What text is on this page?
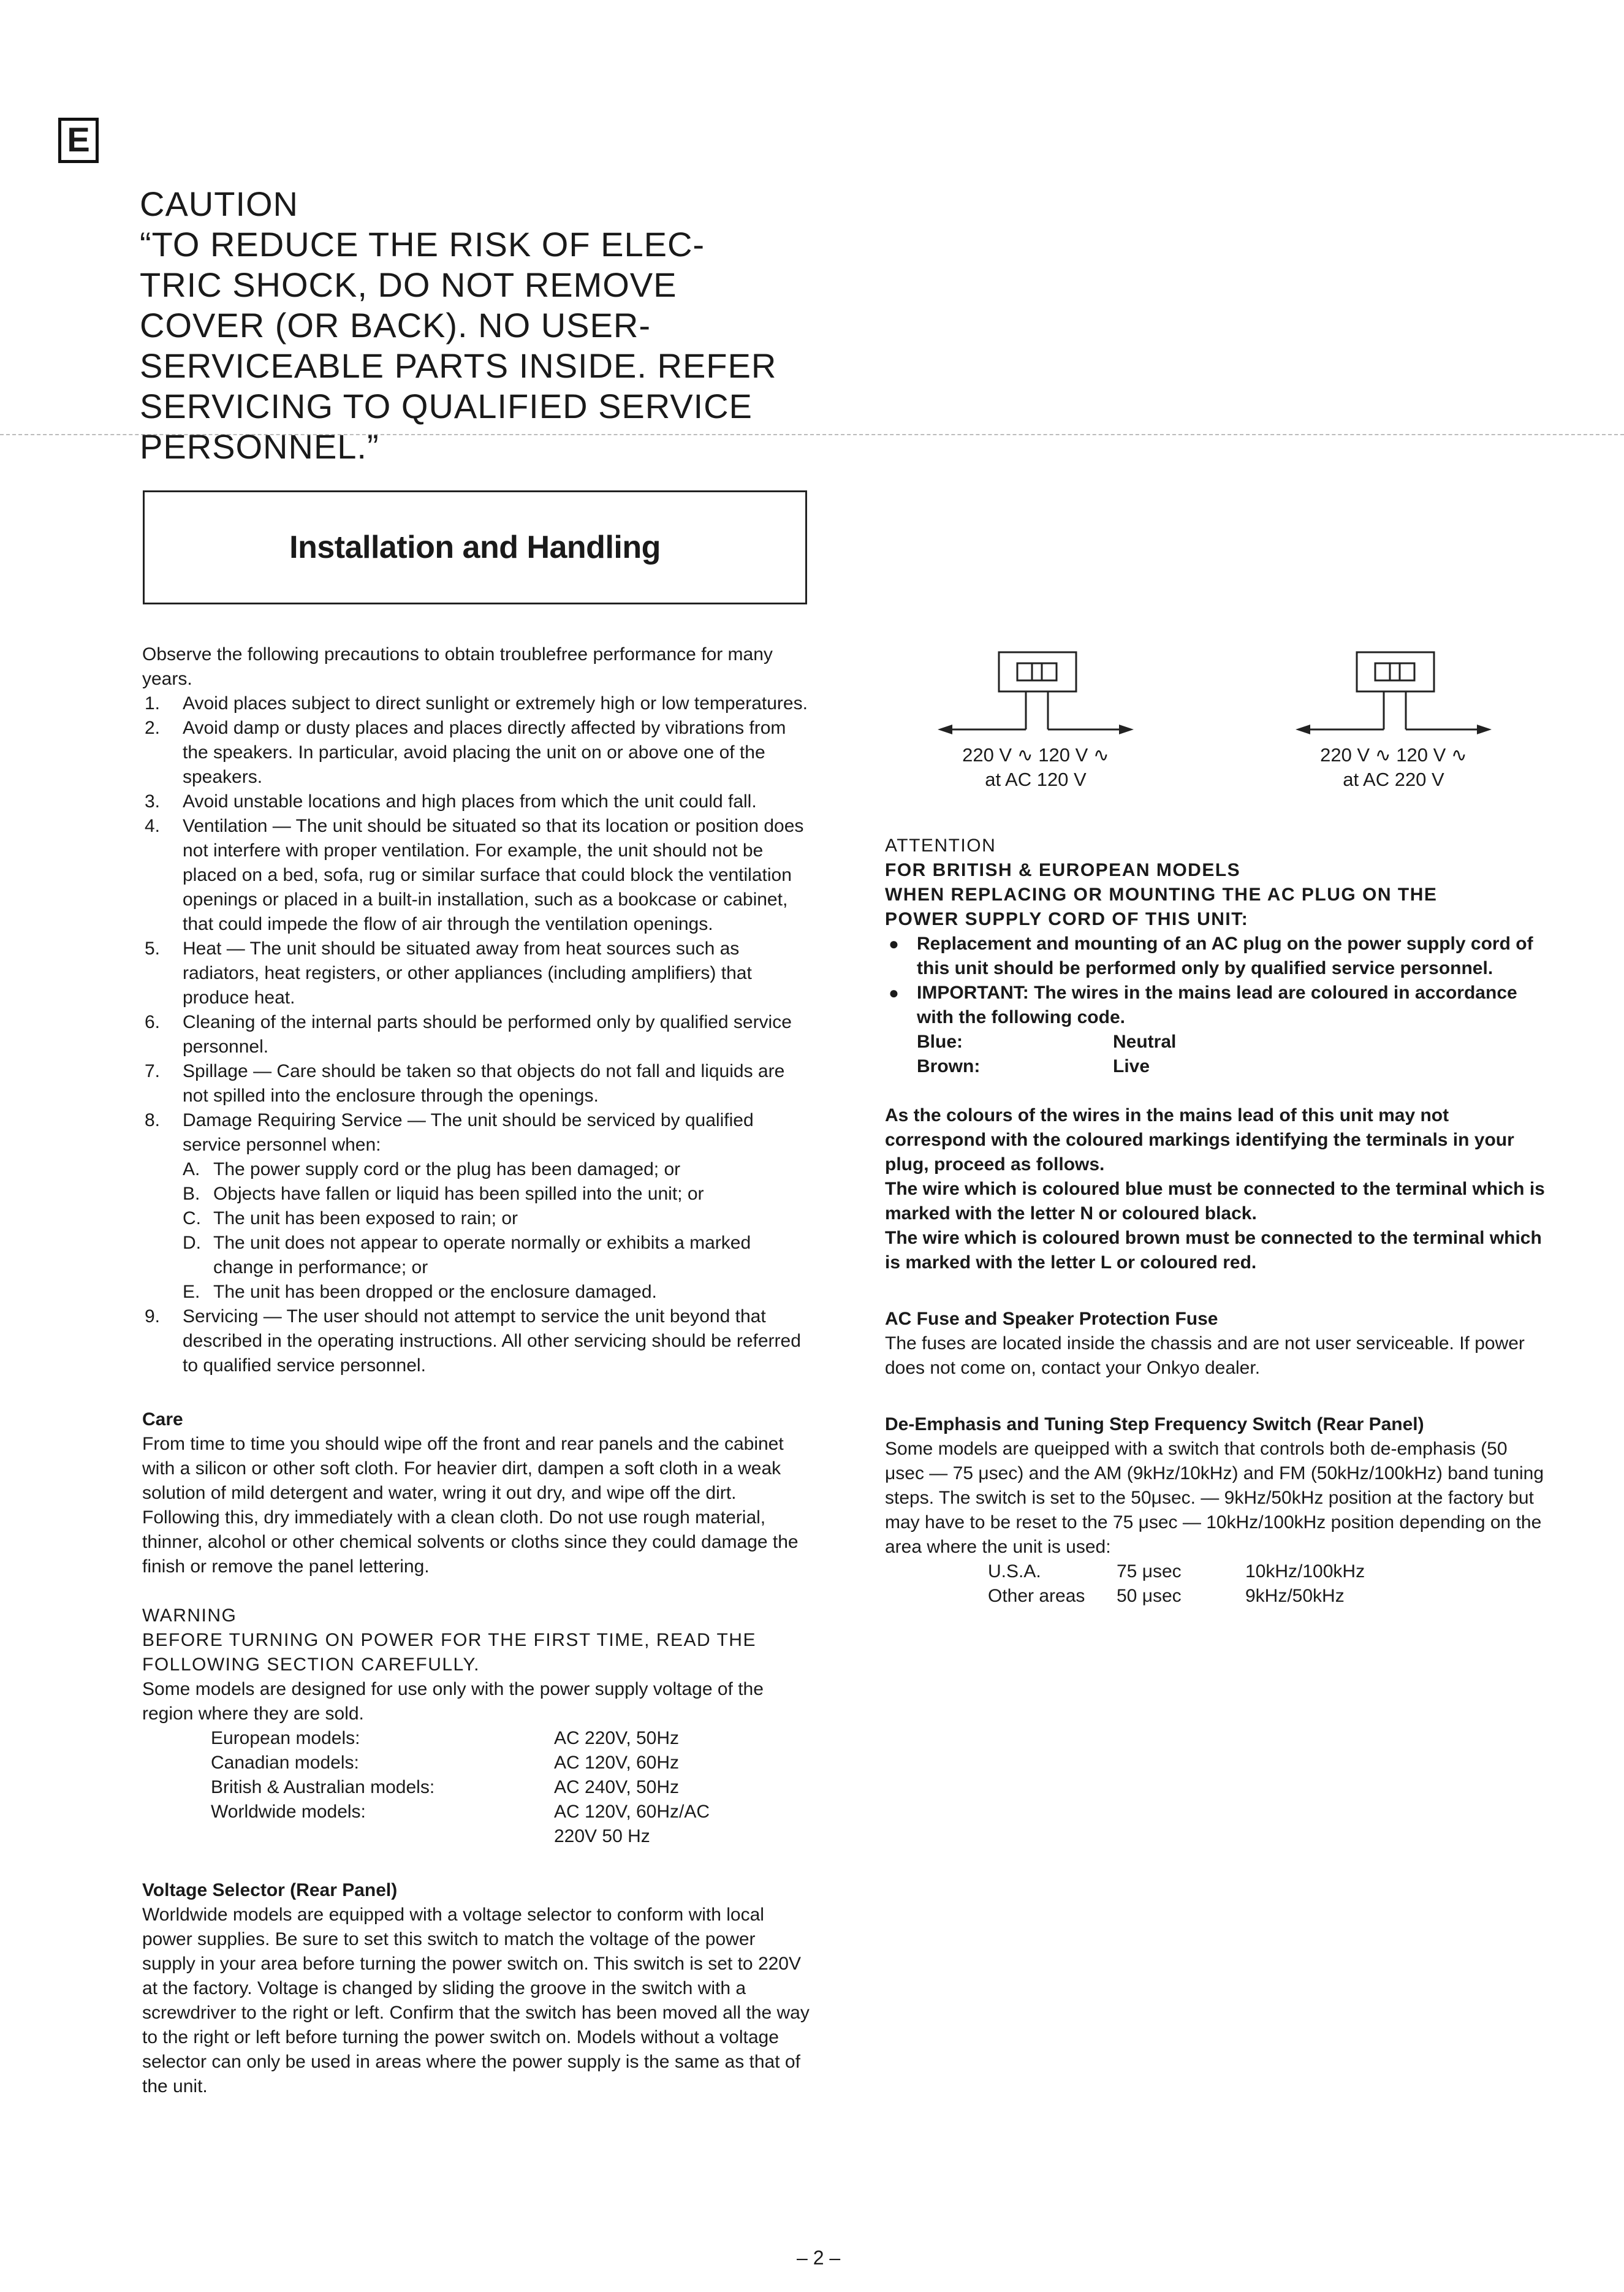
E
CAUTION
“TO REDUCE THE RISK OF ELEC-
TRIC SHOCK, DO NOT REMOVE
COVER (OR BACK). NO USER-
SERVICEABLE PARTS INSIDE. REFER
SERVICING TO QUALIFIED SERVICE
PERSONNEL.”
Installation and Handling

Observe the following precautions to obtain troublefree performance for many years.

1. Avoid places subject to direct sunlight or extremely high or low temperatures.
2. Avoid damp or dusty places and places directly affected by vibrations from the speakers. In particular, avoid placing the unit on or above one of the speakers.
3. Avoid unstable locations and high places from which the unit could fall.
4. Ventilation — The unit should be situated so that its location or position does not interfere with proper ventilation. For example, the unit should not be placed on a bed, sofa, rug or similar surface that could block the ventilation openings or placed in a built-in installation, such as a bookcase or cabinet, that could impede the flow of air through the ventilation openings.
5. Heat — The unit should be situated away from heat sources such as radiators, heat registers, or other appliances (including amplifiers) that produce heat.
6. Cleaning of the internal parts should be performed only by qualified service personnel.
7. Spillage — Care should be taken so that objects do not fall and liquids are not spilled into the enclosure through the openings.
8. Damage Requiring Service — The unit should be serviced by qualified service personnel when:
A. The power supply cord or the plug has been damaged; or
B. Objects have fallen or liquid has been spilled into the unit; or
C. The unit has been exposed to rain; or
D. The unit does not appear to operate normally or exhibits a marked change in performance; or
E. The unit has been dropped or the enclosure damaged.
9. Servicing — The user should not attempt to service the unit beyond that described in the operating instructions. All other servicing should be referred to qualified service personnel.
Care

From time to time you should wipe off the front and rear panels and the cabinet with a silicon or other soft cloth. For heavier dirt, dampen a soft cloth in a weak solution of mild detergent and water, wring it out dry, and wipe off the dirt. Following this, dry immediately with a clean cloth. Do not use rough material, thinner, alcohol or other chemical solvents or cloths since they could damage the finish or remove the panel lettering.

WARNING
BEFORE TURNING ON POWER FOR THE FIRST TIME, READ THE FOLLOWING SECTION CAREFULLY.

Some models are designed for use only with the power supply voltage of the region where they are sold.

European models:	AC 220V, 50Hz
Canadian models:	AC 120V, 60Hz
British & Australian models:	AC 240V, 50Hz
Worldwide models:	AC 120V, 60Hz/AC
	220V 50 Hz
Voltage Selector (Rear Panel)

Worldwide models are equipped with a voltage selector to conform with local power supplies. Be sure to set this switch to match the voltage of the power supply in your area before turning the power switch on. This switch is set to 220V at the factory. Voltage is changed by sliding the groove in the switch with a screwdriver to the right or left. Confirm that the switch has been moved all the way to the right or left before turning the power switch on. Models without a voltage selector can only be used in areas where the power supply is the same as that of the unit.

220 V ∿ 120 V ∿
at AC 120 V
220 V ∿ 120 V ∿
at AC 220 V
ATTENTION
FOR BRITISH & EUROPEAN MODELS
WHEN REPLACING OR MOUNTING THE AC PLUG ON THE
POWER SUPPLY CORD OF THIS UNIT:
● Replacement and mounting of an AC plug on the power supply cord of this unit should be performed only by qualified service personnel.
● IMPORTANT: The wires in the mains lead are coloured in accordance with the following code.
Blue:	Neutral
Brown:	Live

As the colours of the wires in the mains lead of this unit may not correspond with the coloured markings identifying the terminals in your plug, proceed as follows.

The wire which is coloured blue must be connected to the terminal which is marked with the letter N or coloured black.

The wire which is coloured brown must be connected to the terminal which is marked with the letter L or coloured red.

AC Fuse and Speaker Protection Fuse

The fuses are located inside the chassis and are not user serviceable. If power does not come on, contact your Onkyo dealer.

De-Emphasis and Tuning Step Frequency Switch (Rear Panel)

Some models are queipped with a switch that controls both de-emphasis (50 μsec — 75 μsec) and the AM (9kHz/10kHz) and FM (50kHz/100kHz) band tuning steps. The switch is set to the 50μsec. — 9kHz/50kHz position at the factory but may have to be reset to the 75 μsec — 10kHz/100kHz position depending on the area where the unit is used:

U.S.A.	75 μsec	10kHz/100kHz
Other areas	50 μsec	9kHz/50kHz
– 2 –
